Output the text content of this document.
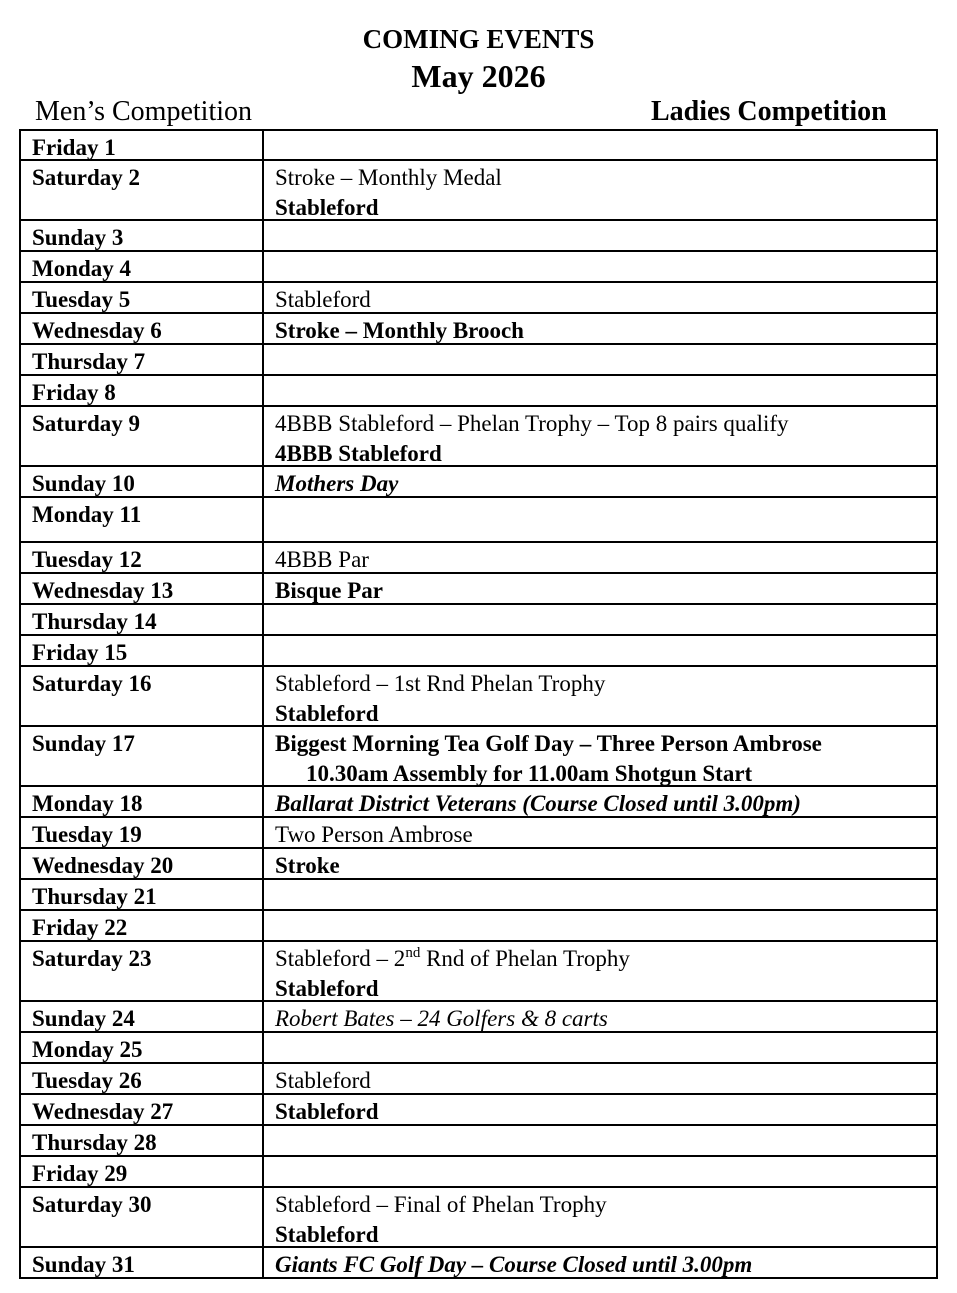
COMING EVENTS
May 2026
Men’s Competition	Ladies Competition
Friday 1
Saturday 2	Stroke – Monthly Medal
Stableford
Sunday 3
Monday 4
Tuesday 5	Stableford
Wednesday 6	Stroke – Monthly Brooch
Thursday 7
Friday 8
Saturday 9	4BBB Stableford – Phelan Trophy – Top 8 pairs qualify
4BBB Stableford
Sunday 10	Mothers Day
Monday 11
Tuesday 12	4BBB Par
Wednesday 13	Bisque Par
Thursday 14
Friday 15
Saturday 16	Stableford – 1st Rnd Phelan Trophy
Stableford
Sunday 17	Biggest Morning Tea Golf Day – Three Person Ambrose
10.30am Assembly for 11.00am Shotgun Start
Monday 18	Ballarat District Veterans (Course Closed until 3.00pm)
Tuesday 19	Two Person Ambrose
Wednesday 20	Stroke
Thursday 21
Friday 22
Saturday 23	Stableford – 2nd Rnd of Phelan Trophy
Stableford
Sunday 24	Robert Bates – 24 Golfers & 8 carts
Monday 25
Tuesday 26	Stableford
Wednesday 27	Stableford
Thursday 28
Friday 29
Saturday 30	Stableford – Final of Phelan Trophy
Stableford
Sunday 31	Giants FC Golf Day – Course Closed until 3.00pm
